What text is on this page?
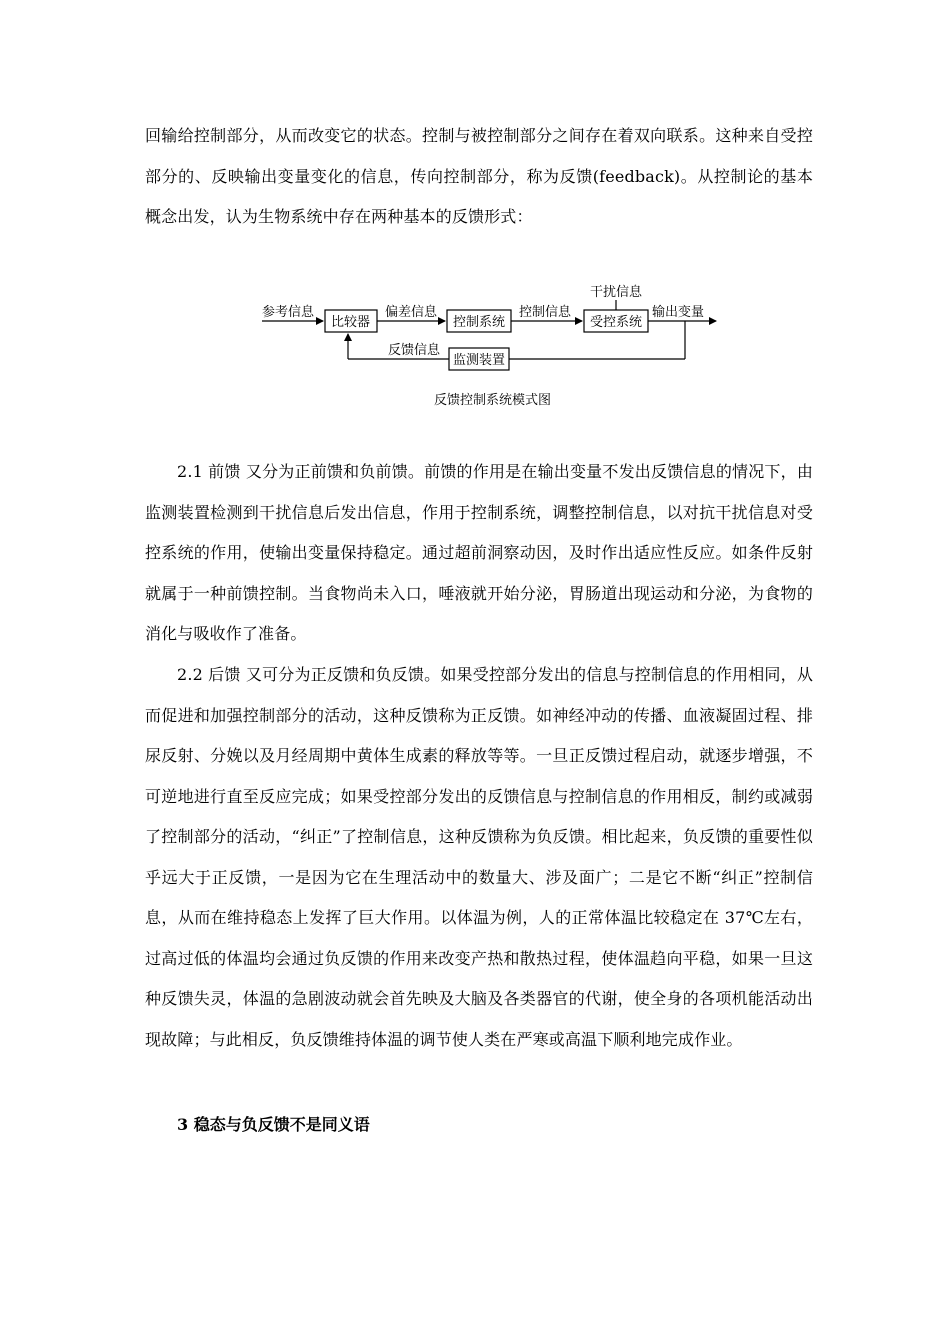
回输给控制部分，从而改变它的状态。控制与被控制部分之间存在着双向联系。这种来自受控部分的、反映输出变量变化的信息，传向控制部分，称为反馈(feedback)。从控制论的基本概念出发，认为生物系统中存在两种基本的反馈形式：

参考信息
比较器
偏差信息
控制系统
控制信息
干扰信息
受控系统
输出变量
监测装置
反馈信息
反馈控制系统模式图

2.1 前馈 又分为正前馈和负前馈。前馈的作用是在输出变量不发出反馈信息的情况下，由监测装置检测到干扰信息后发出信息，作用于控制系统，调整控制信息，以对抗干扰信息对受控系统的作用，使输出变量保持稳定。通过超前洞察动因，及时作出适应性反应。如条件反射就属于一种前馈控制。当食物尚未入口，唾液就开始分泌，胃肠道出现运动和分泌，为食物的消化与吸收作了准备。

2.2 后馈 又可分为正反馈和负反馈。如果受控部分发出的信息与控制信息的作用相同，从而促进和加强控制部分的活动，这种反馈称为正反馈。如神经冲动的传播、血液凝固过程、排尿反射、分娩以及月经周期中黄体生成素的释放等等。一旦正反馈过程启动，就逐步增强，不可逆地进行直至反应完成；如果受控部分发出的反馈信息与控制信息的作用相反，制约或减弱了控制部分的活动，“纠正”了控制信息，这种反馈称为负反馈。相比起来，负反馈的重要性似乎远大于正反馈，一是因为它在生理活动中的数量大、涉及面广；二是它不断“纠正”控制信息，从而在维持稳态上发挥了巨大作用。以体温为例，人的正常体温比较稳定在 37℃左右，过高过低的体温均会通过负反馈的作用来改变产热和散热过程，使体温趋向平稳，如果一旦这种反馈失灵，体温的急剧波动就会首先映及大脑及各类器官的代谢，使全身的各项机能活动出现故障；与此相反，负反馈维持体温的调节使人类在严寒或高温下顺利地完成作业。

3 稳态与负反馈不是同义语
